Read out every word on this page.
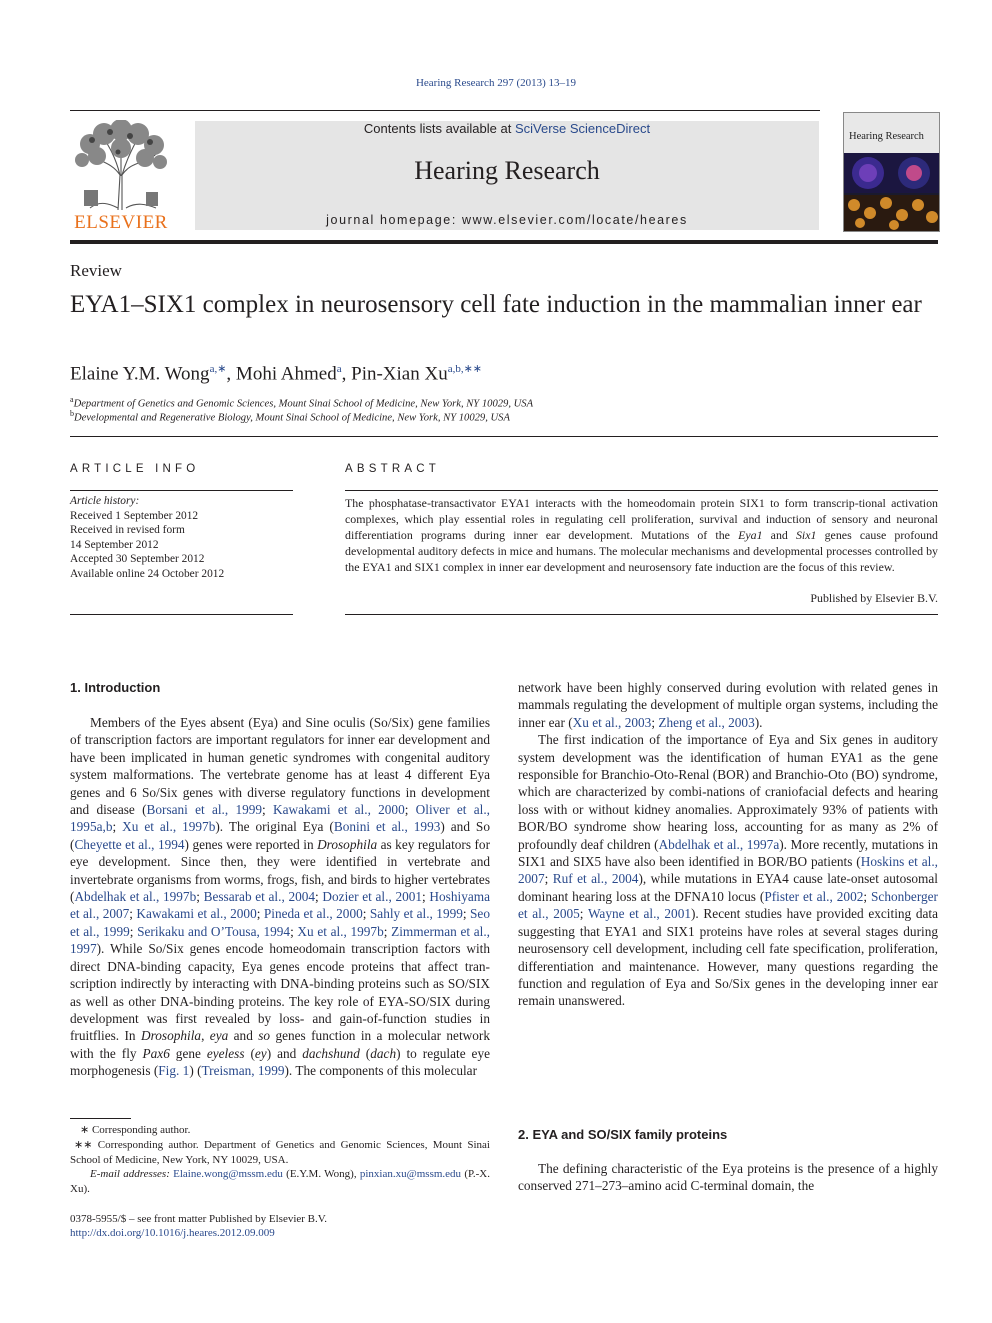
Hearing Research 297 (2013) 13–19
ELSEVIER
Contents lists available at SciVerse ScienceDirect
Hearing Research
journal homepage: www.elsevier.com/locate/heares
Hearing Research
Review
EYA1–SIX1 complex in neurosensory cell fate induction in the mammalian inner ear
Elaine Y.M. Wong$^{a,∗}$, Mohi Ahmed$^a$, Pin-Xian $Xu^{a,b,∗∗}$
$^a$Department of Genetics and Genomic Sciences, Mount Sinai School of Medicine, New York, NY 10029, USA
$^b$Developmental and Regenerative Biology, Mount Sinai School of Medicine, New York, NY 10029, USA
ARTICLE INFO	ABSTRACT
Article history:
Received 1 September 2012
Received in revised form
14 September 2012
Accepted 30 September 2012
Available online 24 October 2012
The phosphatase-transactivator EYA1 interacts with the homeodomain protein SIX1 to form transcrip-tional activation complexes, which play essential roles in regulating cell proliferation, survival and induction of sensory and neuronal differentiation programs during inner ear development. Mutations of the Eya1 and Six1 genes cause profound developmental auditory defects in mice and humans. The molecular mechanisms and developmental processes controlled by the EYA1 and SIX1 complex in inner ear development and neurosensory fate induction are the focus of this review.
Published by Elsevier B.V.
1. Introduction

Members of the Eyes absent (Eya) and Sine oculis (So/Six) gene families of transcription factors are important regulators for inner ear development and have been implicated in human genetic syndromes with congenital auditory system malformations. The vertebrate genome has at least 4 different Eya genes and 6 So/Six genes with diverse regulatory functions in development and disease (Borsani et al., 1999; Kawakami et al., 2000; Oliver et al., 1995a,b; Xu et al., 1997b). The original Eya (Bonini et al., 1993) and So (Cheyette et al., 1994) genes were reported in Drosophila as key regulators for eye development. Since then, they were identified in vertebrate and invertebrate organisms from worms, frogs, fish, and birds to higher vertebrates (Abdelhak et al., 1997b; Bessarab et al., 2004; Dozier et al., 2001; Hoshiyama et al., 2007; Kawakami et al., 2000; Pineda et al., 2000; Sahly et al., 1999; Seo et al., 1999; Serikaku and O’Tousa, 1994; Xu et al., 1997b; Zimmerman et al., 1997). While So/Six genes encode homeodomain transcription factors with direct DNA-binding capacity, Eya genes encode proteins that affect tran-scription indirectly by interacting with DNA-binding proteins such as SO/SIX as well as other DNA-binding proteins. The key role of EYA-SO/SIX during development was first revealed by loss- and gain-of-function studies in fruitflies. In Drosophila, eya and so genes function in a molecular network with the fly Pax6 gene eyeless (ey) and dachshund (dach) to regulate eye morphogenesis (Fig. 1) (Treisman, 1999). The components of this molecular

network have been highly conserved during evolution with related genes in mammals regulating the development of multiple organ systems, including the inner ear (Xu et al., 2003; Zheng et al., 2003).

The first indication of the importance of Eya and Six genes in auditory system development was the identification of human EYA1 as the gene responsible for Branchio-Oto-Renal (BOR) and Branchio-Oto (BO) syndrome, which are characterized by combi-nations of craniofacial defects and hearing loss with or without kidney anomalies. Approximately 93% of patients with BOR/BO syndrome show hearing loss, accounting for as many as 2% of profoundly deaf children (Abdelhak et al., 1997a). More recently, mutations in SIX1 and SIX5 have also been identified in BOR/BO patients (Hoskins et al., 2007; Ruf et al., 2004), while mutations in EYA4 cause late-onset autosomal dominant hearing loss at the DFNA10 locus (Pfister et al., 2002; Schonberger et al., 2005; Wayne et al., 2001). Recent studies have provided exciting data suggesting that EYA1 and SIX1 proteins have roles at several stages during neurosensory cell development, including cell fate specification, proliferation, differentiation and maintenance. However, many questions regarding the function and regulation of Eya and So/Six genes in the developing inner ear remain unanswered.

2. EYA and SO/SIX family proteins

The defining characteristic of the Eya proteins is the presence of a highly conserved 271–273–amino acid C-terminal domain, the

∗ Corresponding author.
∗∗ Corresponding author. Department of Genetics and Genomic Sciences, Mount Sinai School of Medicine, New York, NY 10029, USA.
E-mail addresses: Elaine.wong@mssm.edu (E.Y.M. Wong), pinxian.xu@mssm.edu (P.-X. Xu).
0378-5955/$ – see front matter Published by Elsevier B.V.
http://dx.doi.org/10.1016/j.heares.2012.09.009
